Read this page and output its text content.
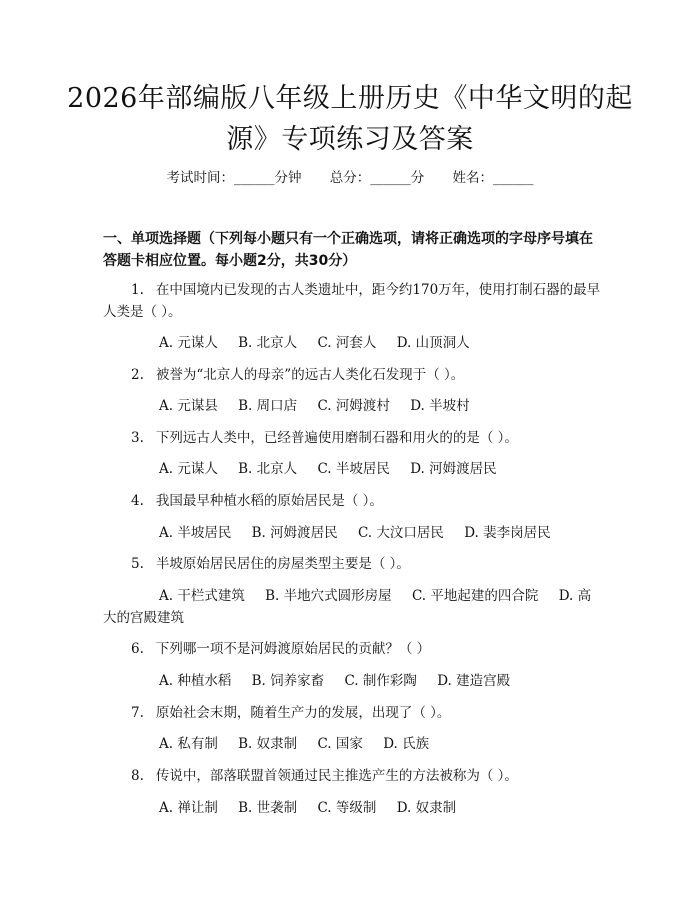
2026年部编版八年级上册历史《中华文明的起源》专项练习及答案
考试时间：______分钟 总分：______分 姓名：______
一、单项选择题（下列每小题只有一个正确选项，请将正确选项的字母序号填在答题卡相应位置。每小题2分，共30分）
1. 在中国境内已发现的古人类遗址中，距今约170万年，使用打制石器的最早人类是（ ）。
A. 元谋人 B. 北京人 C. 河套人 D. 山顶洞人
2. 被誉为“北京人的母亲”的远古人类化石发现于（ ）。
A. 元谋县 B. 周口店 C. 河姆渡村 D. 半坡村
3. 下列远古人类中，已经普遍使用磨制石器和用火的的是（ ）。
A. 元谋人 B. 北京人 C. 半坡居民 D. 河姆渡居民
4. 我国最早种植水稻的原始居民是（ ）。
A. 半坡居民 B. 河姆渡居民 C. 大汶口居民 D. 裴李岗居民
5. 半坡原始居民居住的房屋类型主要是（ ）。
A. 干栏式建筑 B. 半地穴式圆形房屋 C. 平地起建的四合院 D. 高大的宫殿建筑
6. 下列哪一项不是河姆渡原始居民的贡献？（ ）
A. 种植水稻 B. 饲养家畜 C. 制作彩陶 D. 建造宫殿
7. 原始社会末期，随着生产力的发展，出现了（ ）。
A. 私有制 B. 奴隶制 C. 国家 D. 氏族
8. 传说中，部落联盟首领通过民主推选产生的方法被称为（ ）。
A. 禅让制 B. 世袭制 C. 等级制 D. 奴隶制
